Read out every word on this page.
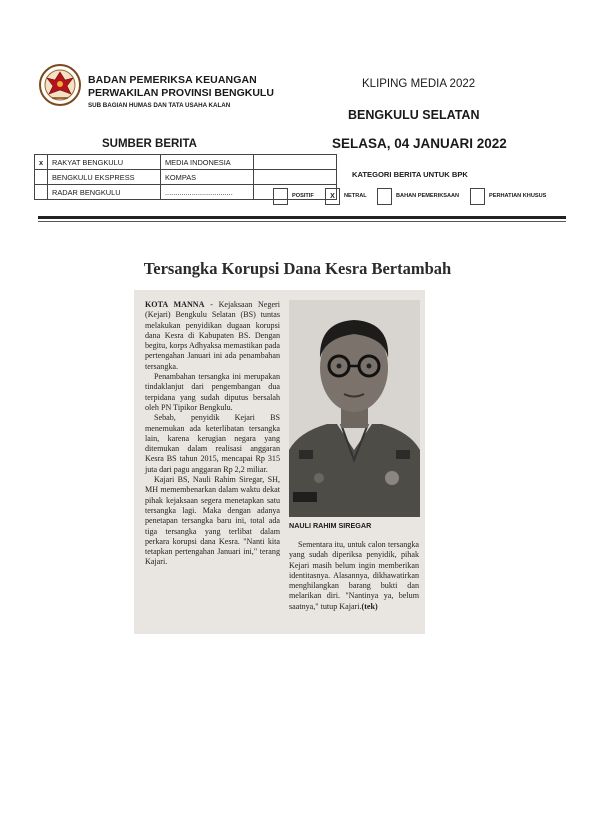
BADAN PEMERIKSA KEUANGAN
PERWAKILAN PROVINSI BENGKULU
SUB BAGIAN HUMAS DAN TATA USAHA KALAN
KLIPING MEDIA 2022
BENGKULU SELATAN
SELASA, 04 JANUARI 2022
SUMBER BERITA
x	RAKYAT BENGKULU	MEDIA INDONESIA	
	BENGKULU EKSPRESS	KOMPAS	
	RADAR BENGKULU	.................................	
KATEGORI BERITA UNTUK BPK
POSITIF	X	NETRAL	BAHAN PEMERIKSAAN	PERHATIAN KHUSUS
Tersangka Korupsi Dana Kesra Bertambah

KOTA MANNA - Kejaksaan Negeri (Kejari) Bengkulu Selatan (BS) tuntas melakukan penyidikan dugaan korupsi dana Kesra di Kabupaten BS. Dengan begitu, korps Adhyaksa memastikan pada pertengahan Januari ini ada penambahan tersangka.

Penambahan tersangka ini merupakan tindaklanjut dari pengembangan dua terpidana yang sudah diputus bersalah oleh PN Tipikor Bengkulu.

Sebab, penyidik Kejari BS menemukan ada keterlibatan tersangka lain, karena kerugian negara yang ditemukan dalam realisasi anggaran Kesra BS tahun 2015, mencapai Rp 315 juta dari pagu anggaran Rp 2,2 miliar.

Kajari BS, Nauli Rahim Siregar, SH, MH memembenarkan dalam waktu dekat pihak kejaksaan segera menetapkan satu tersangka lagi. Maka dengan adanya penetapan tersangka baru ini, total ada tiga tersangka yang terlibat dalam perkara korupsi dana Kesra. "Nanti kita tetapkan pertengahan Januari ini," terang Kajari.

NAULI RAHIM SIREGAR

Sementara itu, untuk calon tersangka yang sudah diperiksa penyidik, pihak Kejari masih belum ingin memberikan identitasnya. Alasannya, dikhawatirkan menghilangkan barang bukti dan melarikan diri. "Nantinya ya, belum saatnya," tutup Kajari.(tek)
